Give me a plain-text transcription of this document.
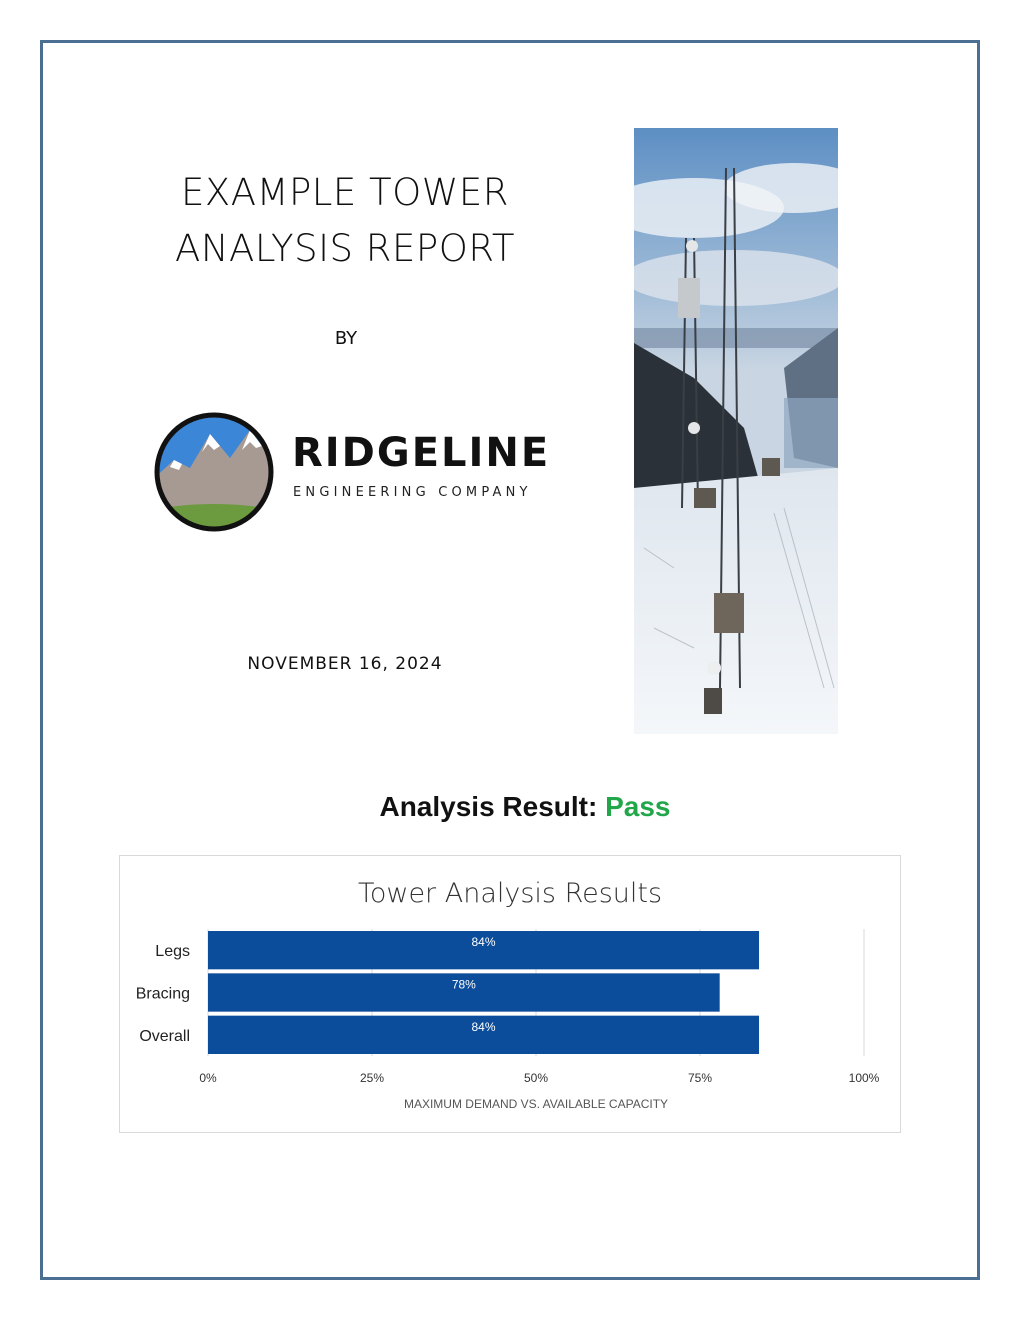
EXAMPLE TOWER
ANALYSIS REPORT
BY
RIDGELINE
ENGINEERING COMPANY
NOVEMBER 16, 2024
Analysis Result: Pass
Tower Analysis Results
0%	25%	50%	75%	100%
84%
Legs
78%
Bracing
84%
Overall
MAXIMUM DEMAND VS. AVAILABLE CAPACITY
